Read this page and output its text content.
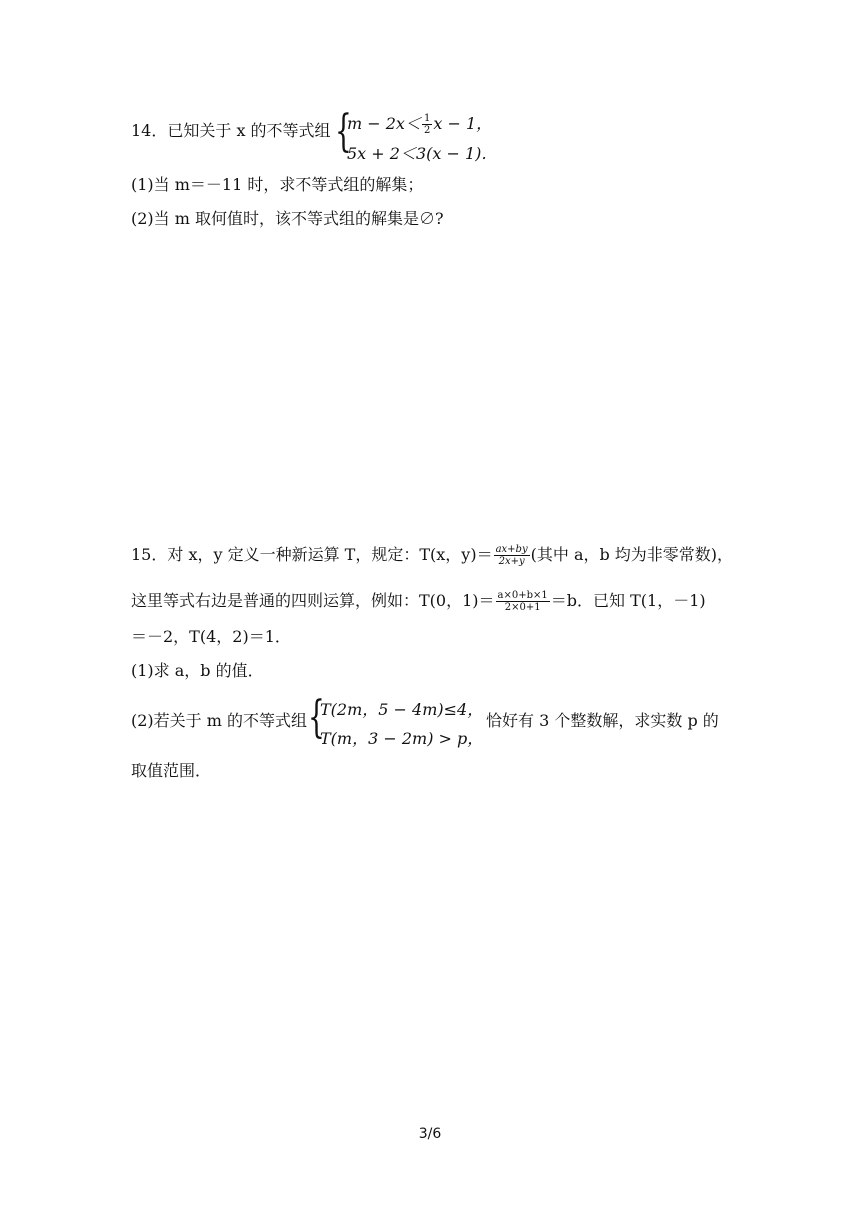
14．已知关于 x 的不等式组 {
$m - 2x< \frac{1}{2}$ x − 1，
5x + 2＜3(x − 1)．
(1)当 m＝－11 时，求不等式组的解集；
(2)当 m 取何值时，该不等式组的解集是∅?
15．对 x，y 定义一种新运算 T，规定：T(x，$y)= \frac{ax+by}{2x+y}$ (其中 a，b 均为非零常数)，
这里等式右边是普通的四则运算，例如：T(0，$1)= \frac{a\times 0+b\times 1}{2\times 0+1} =b$．已知 T(1，－1)
＝－2，T(4，2)＝1．
(1)求 a，b 的值．
(2)若关于 m 的不等式组 {
T(2m，5 − 4m)≤4，
T(m，3 − 2m) > p，
恰好有 3 个整数解，求实数 p 的
取值范围．
3/6
